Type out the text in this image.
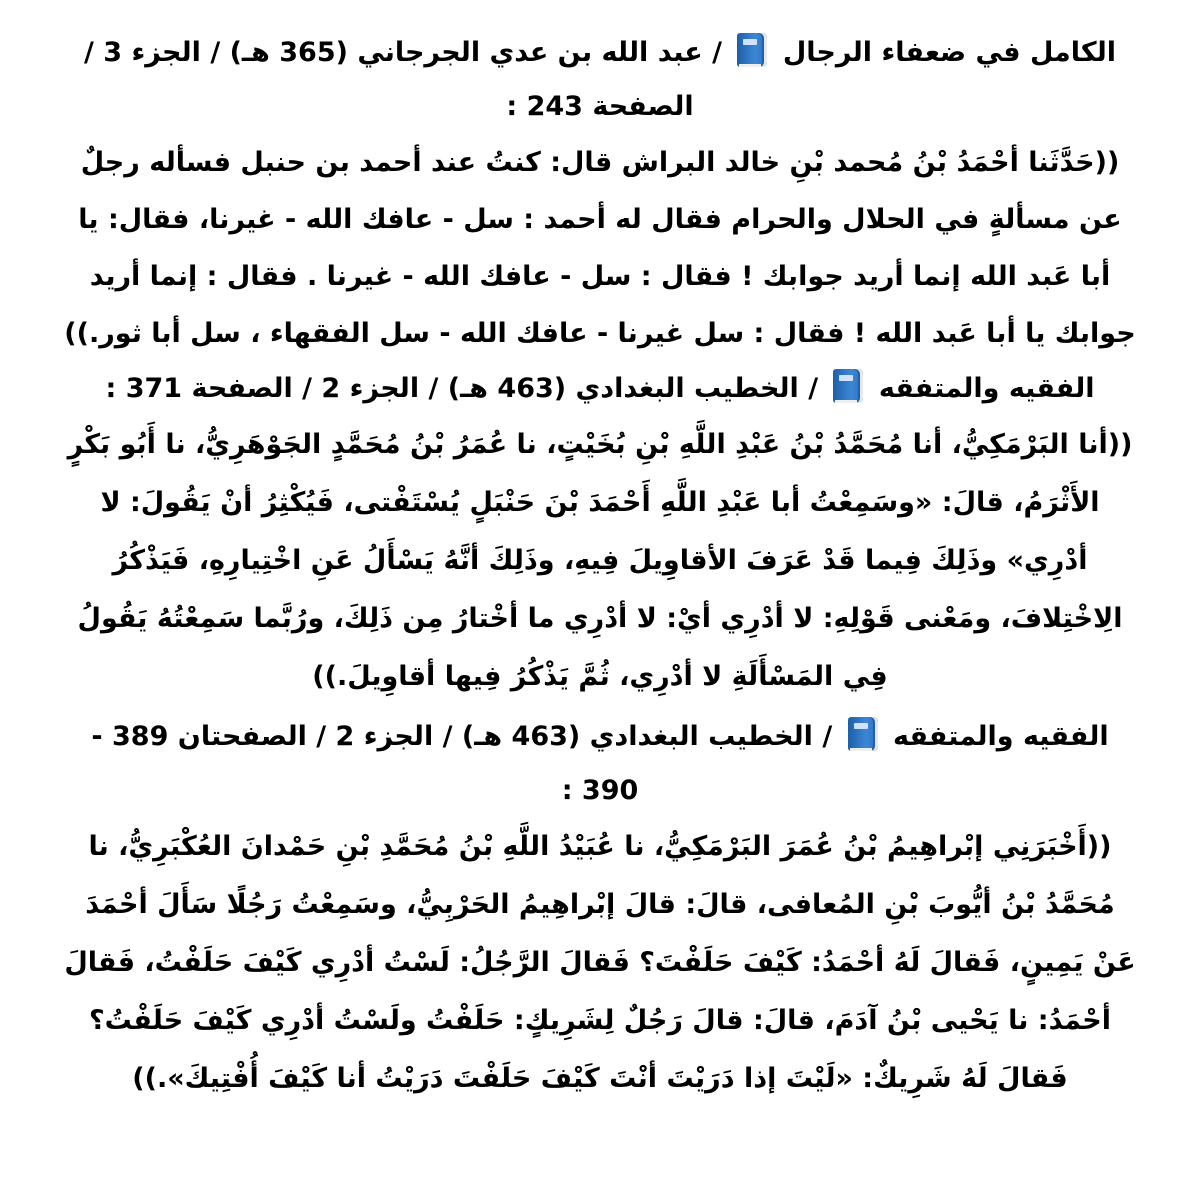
الكامل في ضعفاء الرجال  / عبد الله بن عدي الجرجاني (365 هـ) / الجزء 3 / الصفحة 243 :
((حَدَّثَنا أحْمَدُ بْنُ مُحمد بْنِ خالد البراش قال: كنتُ عند أحمد بن حنبل فسأله رجلٌ عن مسألةٍ في الحلال والحرام فقال له أحمد : سل - عافك الله - غيرنا، فقال: يا أبا عَبد الله إنما أريد جوابك ! فقال : سل - عافك الله - غيرنا . فقال : إنما أريد جوابك يا أبا عَبد الله ! فقال : سل غيرنا - عافك الله - سل الفقهاء ، سل أبا ثور.))
الفقيه والمتفقه  / الخطيب البغدادي (463 هـ) / الجزء 2 / الصفحة 371 :
((أنا البَرْمَكِيُّ، أنا مُحَمَّدُ بْنُ عَبْدِ اللَّهِ بْنِ بُخَيْتٍ، نا عُمَرُ بْنُ مُحَمَّدٍ الجَوْهَرِيُّ، نا أَبُو بَكْرٍ الأَثْرَمُ، قالَ: «وسَمِعْتُ أبا عَبْدِ اللَّهِ أَحْمَدَ بْنَ حَنْبَلٍ يُسْتَفْتى، فَيُكْثِرُ أنْ يَقُولَ: لا أدْرِي» وذَلِكَ فِيما قَدْ عَرَفَ الأقاوِيلَ فِيهِ، وذَلِكَ أنَّهُ يَسْأَلُ عَنِ اخْتِيارِهِ، فَيَذْكُرُ الِاخْتِلافَ، ومَعْنى قَوْلِهِ: لا أدْرِي أيْ: لا أدْرِي ما أخْتارُ مِن ذَلِكَ، ورُبَّما سَمِعْتُهُ يَقُولُ فِي المَسْأَلَةِ لا أدْرِي، ثُمَّ يَذْكُرُ فِيها أقاوِيلَ.))
الفقيه والمتفقه  / الخطيب البغدادي (463 هـ) / الجزء 2 / الصفحتان 389 - 390 :
((أَخْبَرَنِي إبْراهِيمُ بْنُ عُمَرَ البَرْمَكِيُّ، نا عُبَيْدُ اللَّهِ بْنُ مُحَمَّدِ بْنِ حَمْدانَ العُكْبَرِيُّ، نا مُحَمَّدُ بْنُ أيُّوبَ بْنِ المُعافى، قالَ: قالَ إبْراهِيمُ الحَرْبِيُّ، وسَمِعْتُ رَجُلًا سَأَلَ أحْمَدَ عَنْ يَمِينٍ، فَقالَ لَهُ أحْمَدُ: كَيْفَ حَلَفْتَ؟ فَقالَ الرَّجُلُ: لَسْتُ أدْرِي كَيْفَ حَلَفْتُ، فَقالَ أحْمَدُ: نا يَحْيى بْنُ آدَمَ، قالَ: قالَ رَجُلٌ لِشَرِيكٍ: حَلَفْتُ ولَسْتُ أدْرِي كَيْفَ حَلَفْتُ؟ فَقالَ لَهُ شَرِيكٌ: «لَيْتَ إذا دَرَيْتَ أنْتَ كَيْفَ حَلَفْتَ دَرَيْتُ أنا كَيْفَ أُفْتِيكَ».))
